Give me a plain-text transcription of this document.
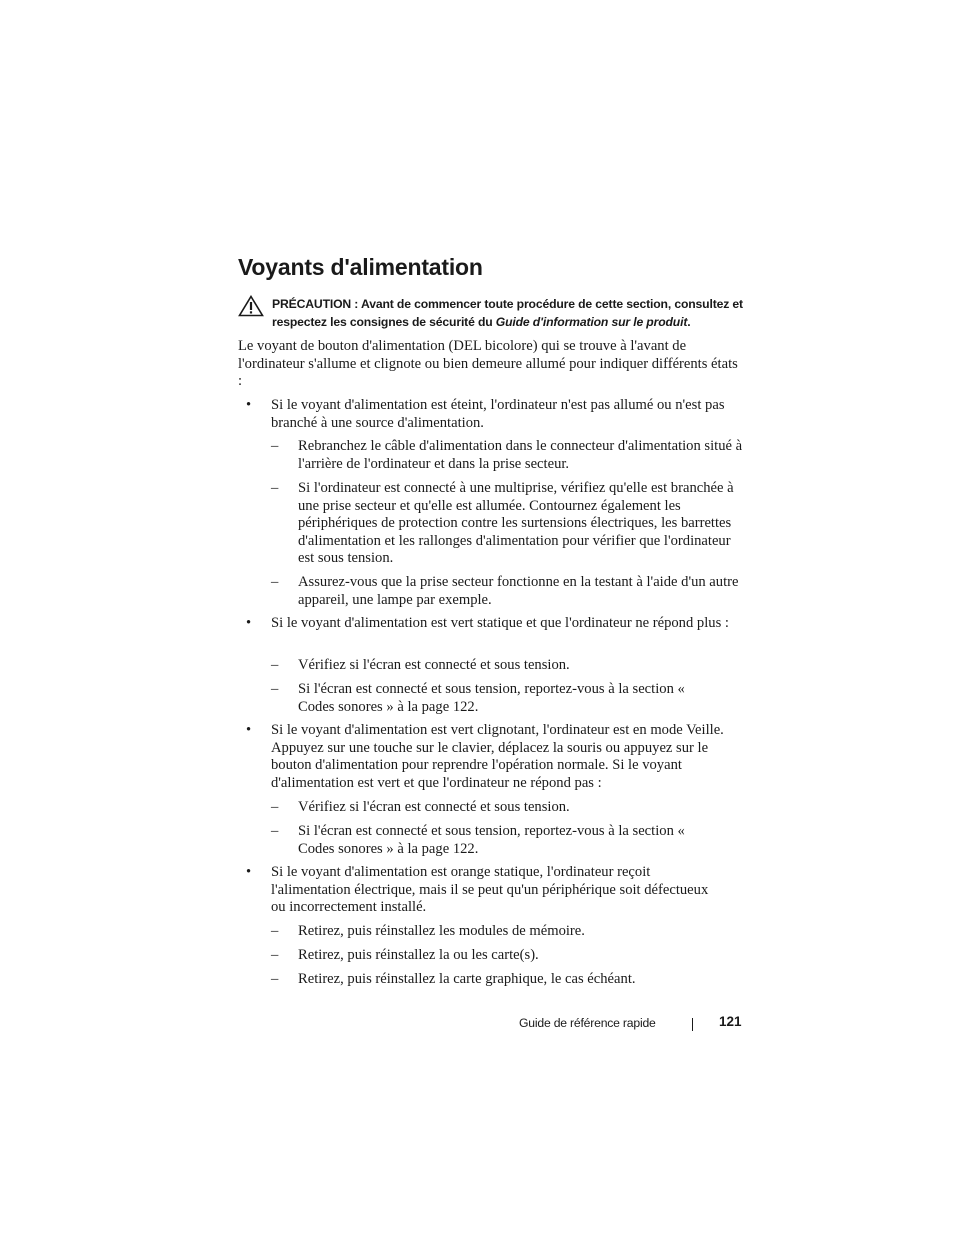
Voyants d'alimentation
PRÉCAUTION : Avant de commencer toute procédure de cette section, consultez et respectez les consignes de sécurité du Guide d'information sur le produit.

Le voyant de bouton d'alimentation (DEL bicolore) qui se trouve à l'avant de l'ordinateur s'allume et clignote ou bien demeure allumé pour indiquer différents états :

• Si le voyant d'alimentation est éteint, l'ordinateur n'est pas allumé ou n'est pas branché à une source d'alimentation.

– Rebranchez le câble d'alimentation dans le connecteur d'alimentation situé à l'arrière de l'ordinateur et dans la prise secteur.

– Si l'ordinateur est connecté à une multiprise, vérifiez qu'elle est branchée à une prise secteur et qu'elle est allumée. Contournez également les périphériques de protection contre les surtensions électriques, les barrettes d'alimentation et les rallonges d'alimentation pour vérifier que l'ordinateur est sous tension.

– Assurez-vous que la prise secteur fonctionne en la testant à l'aide d'un autre appareil, une lampe par exemple.

• Si le voyant d'alimentation est vert statique et que l'ordinateur ne répond plus :

– Vérifiez si l'écran est connecté et sous tension.

– Si l'écran est connecté et sous tension, reportez-vous à la section « Codes sonores » à la page 122.

• Si le voyant d'alimentation est vert clignotant, l'ordinateur est en mode Veille. Appuyez sur une touche sur le clavier, déplacez la souris ou appuyez sur le bouton d'alimentation pour reprendre l'opération normale. Si le voyant d'alimentation est vert et que l'ordinateur ne répond pas :

– Vérifiez si l'écran est connecté et sous tension.

– Si l'écran est connecté et sous tension, reportez-vous à la section « Codes sonores » à la page 122.

• Si le voyant d'alimentation est orange statique, l'ordinateur reçoit l'alimentation électrique, mais il se peut qu'un périphérique soit défectueux ou incorrectement installé.

– Retirez, puis réinstallez les modules de mémoire.

– Retirez, puis réinstallez la ou les carte(s).

– Retirez, puis réinstallez la carte graphique, le cas échéant.

Guide de référence rapide	121
